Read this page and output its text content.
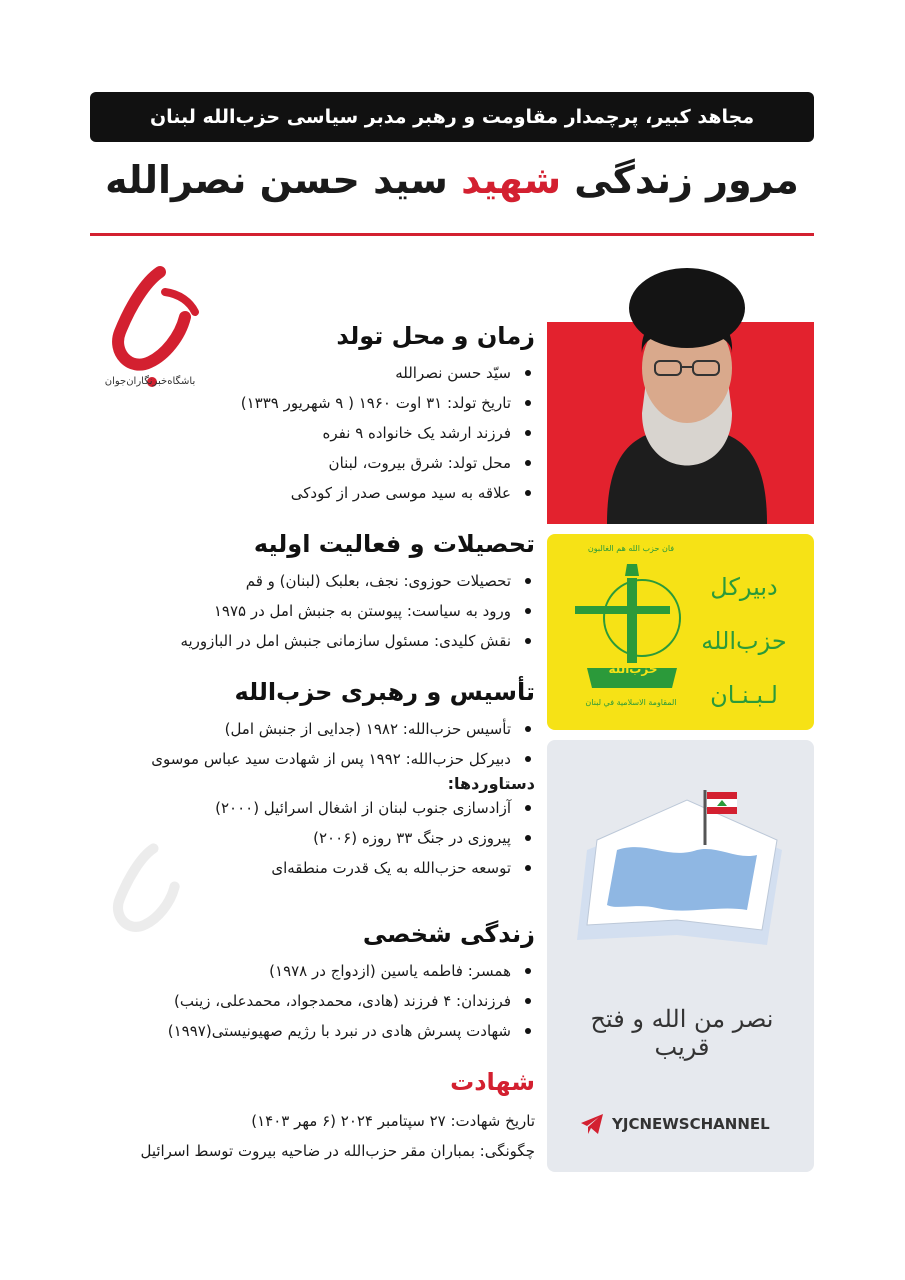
مجاهد کبیر، پرچمدار مقاومت و رهبر مدبر سیاسی حزب‌الله لبنان
مرور زندگی شهید سید حسن نصرالله
باشگاه‌خبرنگاران‌جوان
زمان و محل تولد
سیّد حسن نصرالله
تاریخ تولد: ۳۱ اوت ۱۹۶۰ ( ۹ شهریور ۱۳۳۹)
فرزند ارشد یک خانواده ۹ نفره
محل تولد: شرق بیروت، لبنان
علاقه به سید موسی صدر از کودکی
تحصیلات و فعالیت اولیه
تحصیلات حوزوی: نجف، بعلبک (لبنان) و قم
ورود به سیاست: پیوستن به جنبش امل در ۱۹۷۵
نقش کلیدی: مسئول سازمانی جنبش امل در البازوریه
تأسیس و رهبری حزب‌الله
تأسیس حزب‌الله: ۱۹۸۲ (جدایی از جنبش امل)
دبیرکل حزب‌الله: ۱۹۹۲ پس از شهادت سید عباس موسوی
دستاوردها:
آزادسازی جنوب لبنان از اشغال اسرائیل (۲۰۰۰)
پیروزی در جنگ ۳۳ روزه (۲۰۰۶)
توسعه حزب‌الله به یک قدرت منطقه‌ای
زندگی شخصی
همسر: فاطمه یاسین (ازدواج در ۱۹۷۸)
فرزندان: ۴ فرزند (هادی، محمدجواد، محمدعلی، زینب)
شهادت پسرش هادی در نبرد با رژیم صهیونیستی(۱۹۹۷)
شهادت
تاریخ شهادت: ۲۷ سپتامبر ۲۰۲۴ (۶ مهر ۱۴۰۳)
چگونگی: بمباران مقر حزب‌الله در ضاحیه بیروت توسط اسرائیل
دبیرکل
حزب‌الله
لـبـنـان
فان حزب الله هم الغالبون
حزب‌الله
المقاومة الاسلامية في لبنان
نصر من الله و فتح قریب
YJCNEWSCHANNEL
